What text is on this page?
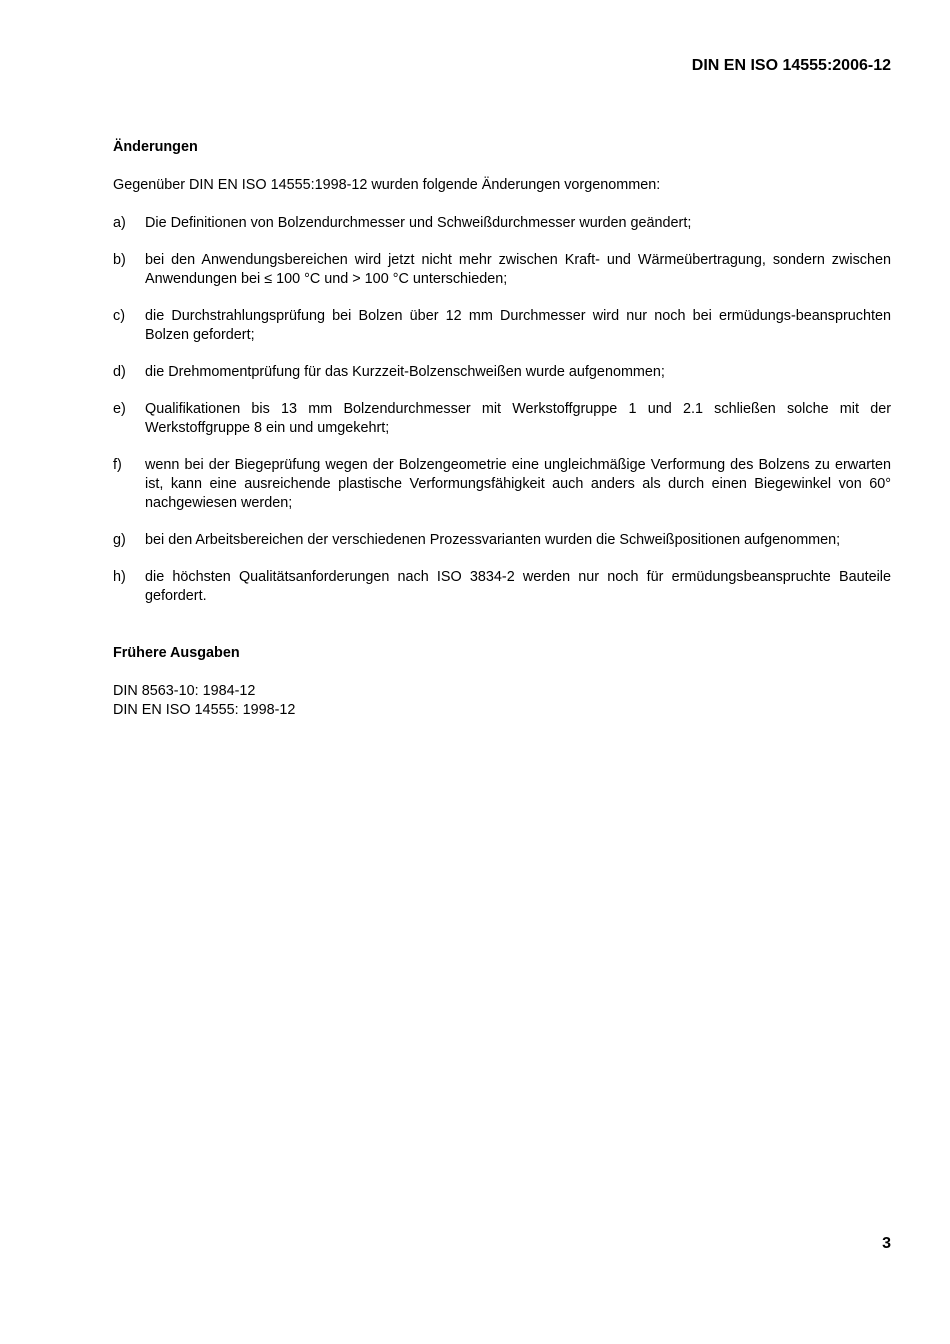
DIN EN ISO 14555:2006-12
Änderungen
Gegenüber DIN EN ISO 14555:1998-12 wurden folgende Änderungen vorgenommen:
a)	Die Definitionen von Bolzendurchmesser und Schweißdurchmesser wurden geändert;
b)	bei den Anwendungsbereichen wird jetzt nicht mehr zwischen Kraft- und Wärmeübertragung, sondern zwischen Anwendungen bei ≤ 100 °C und > 100 °C unterschieden;
c)	die Durchstrahlungsprüfung bei Bolzen über 12 mm Durchmesser wird nur noch bei ermüdungs-beanspruchten Bolzen gefordert;
d)	die Drehmomentprüfung für das Kurzzeit-Bolzenschweißen wurde aufgenommen;
e)	Qualifikationen bis 13 mm Bolzendurchmesser mit Werkstoffgruppe 1 und 2.1 schließen solche mit der Werkstoffgruppe 8 ein und umgekehrt;
f)	wenn bei der Biegeprüfung wegen der Bolzengeometrie eine ungleichmäßige Verformung des Bolzens zu erwarten ist, kann eine ausreichende plastische Verformungsfähigkeit auch anders als durch einen Biegewinkel von 60° nachgewiesen werden;
g)	bei den Arbeitsbereichen der verschiedenen Prozessvarianten wurden die Schweißpositionen aufgenommen;
h)	die höchsten Qualitätsanforderungen nach ISO 3834-2 werden nur noch für ermüdungsbeanspruchte Bauteile gefordert.
Frühere Ausgaben
DIN 8563-10: 1984-12
DIN EN ISO 14555: 1998-12
3
